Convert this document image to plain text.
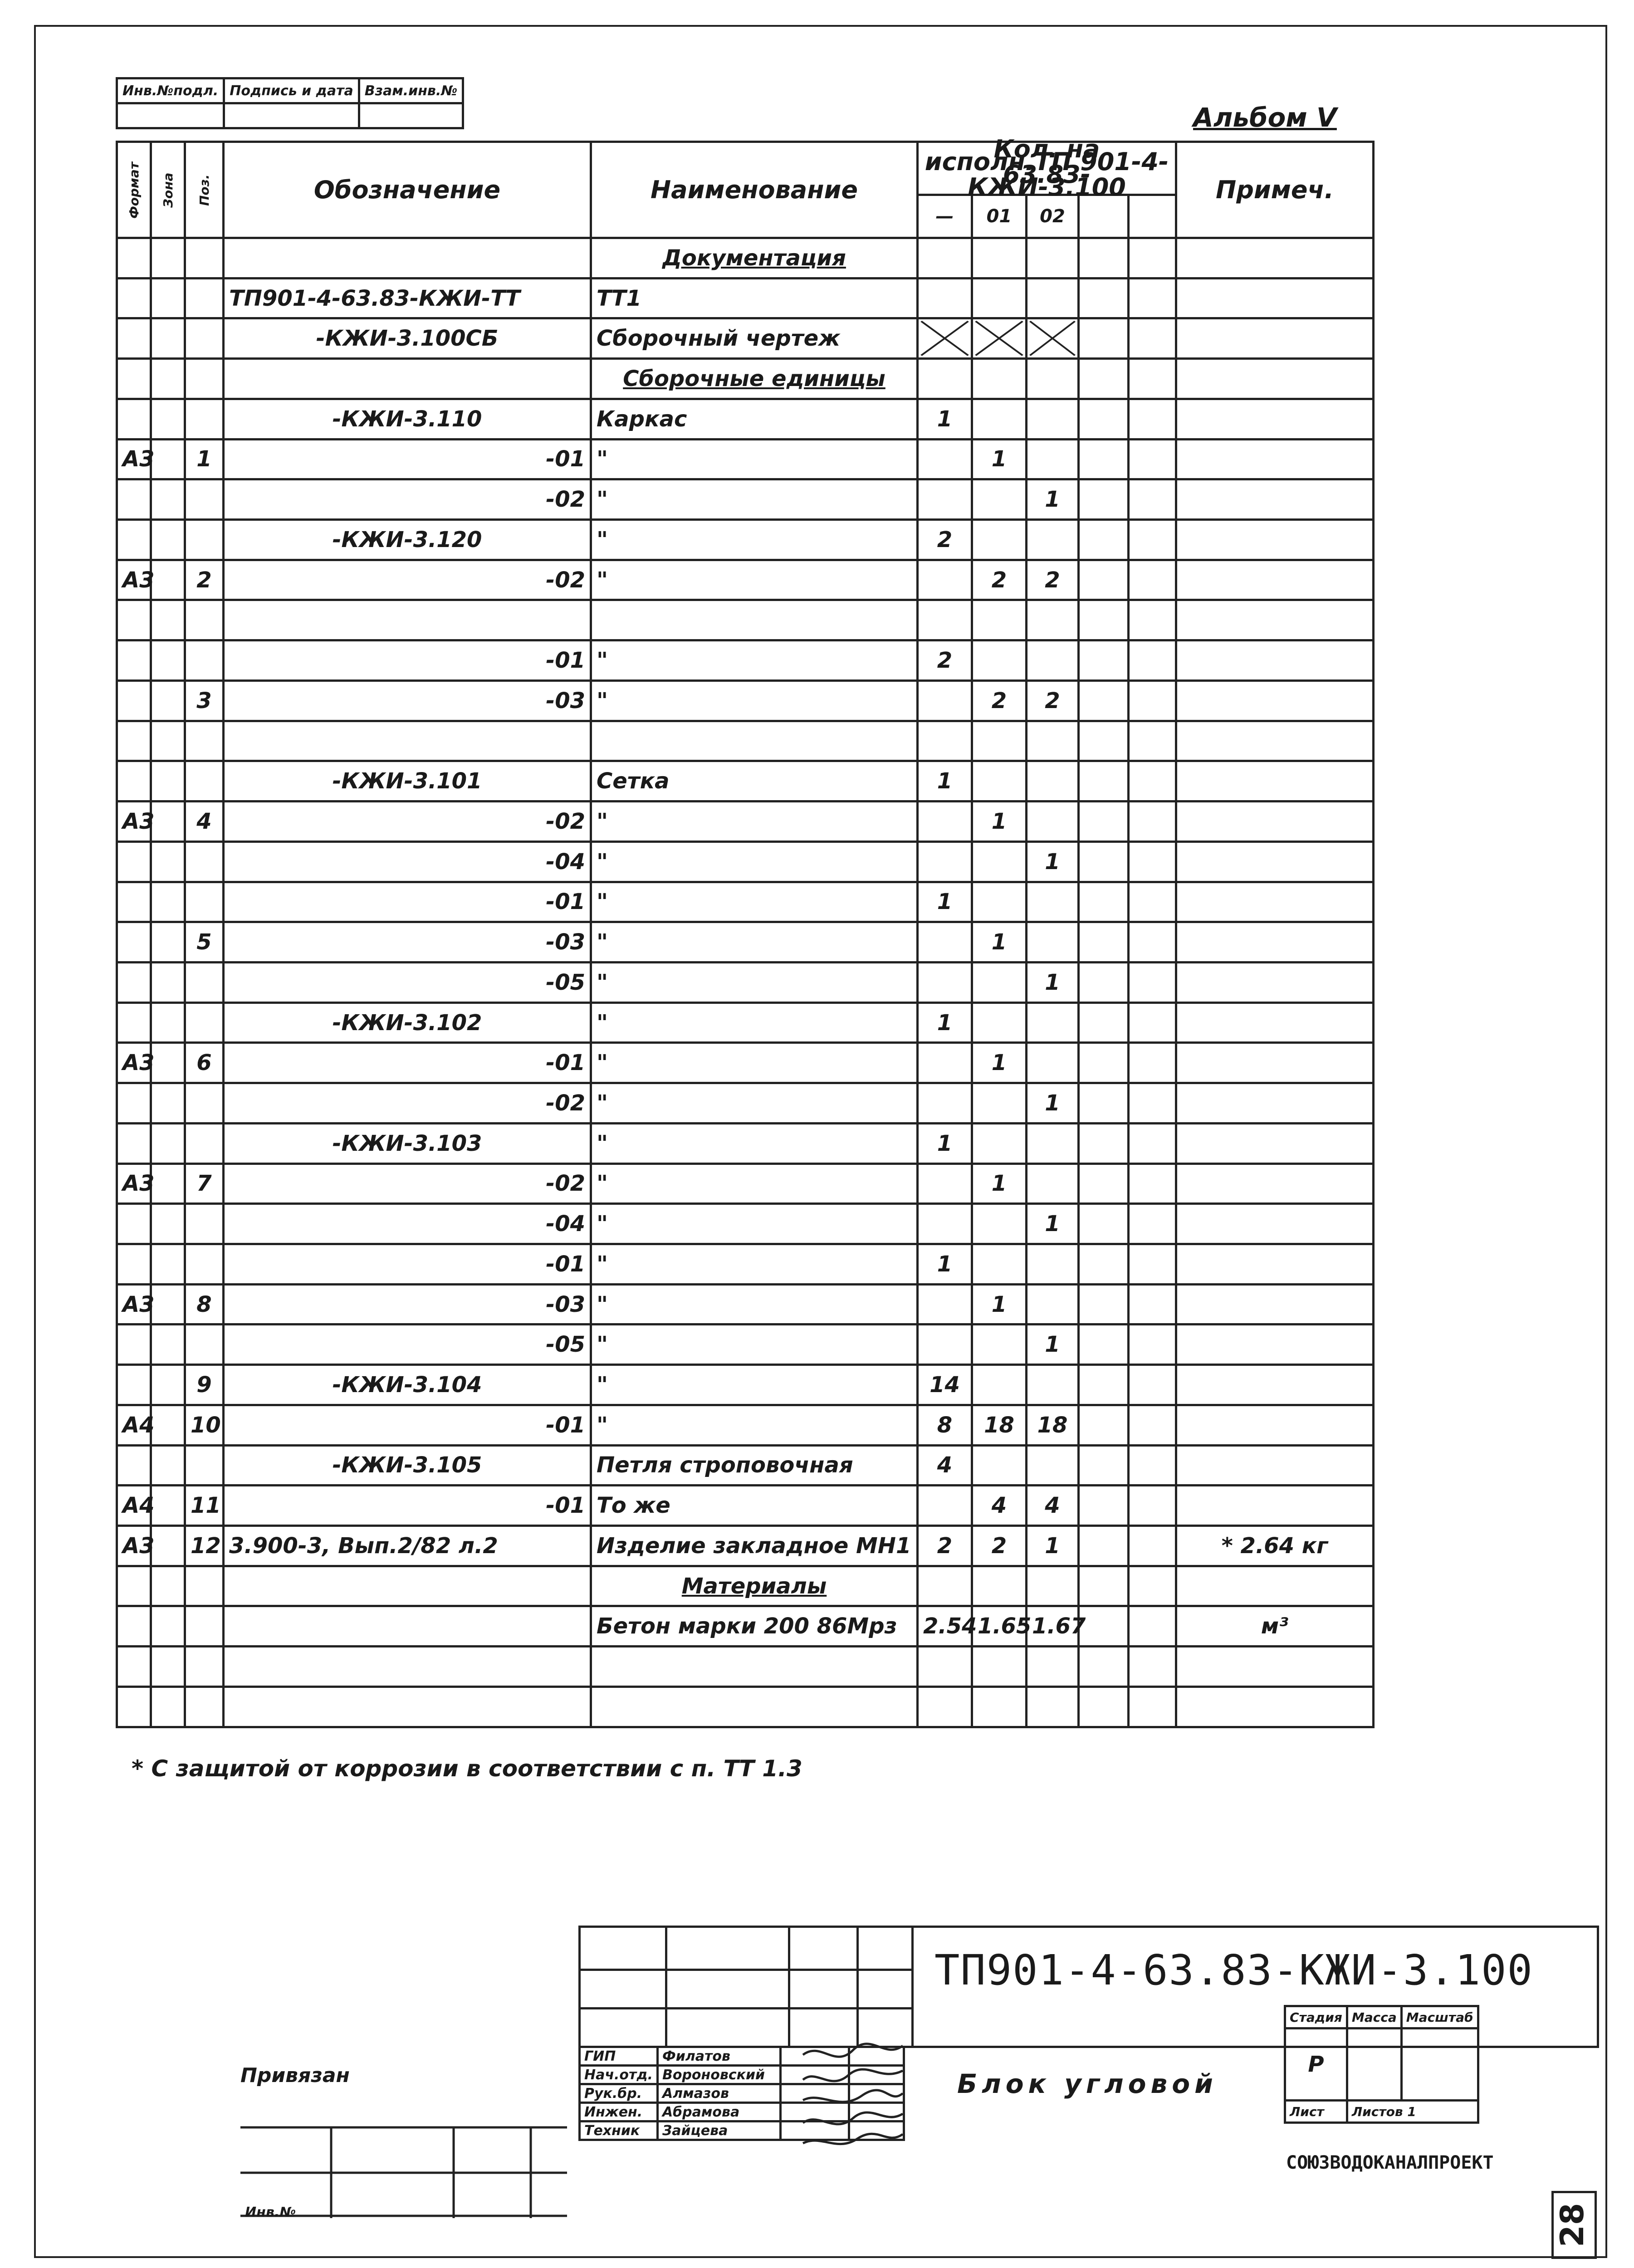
Инв.№подл.	Подпись и дата	Взам.инв.№

Альбом V
Формат	Зона	Поз.	Обозначение	Наименование	Кол. на исполн.ТП 901-4-63.83- КЖИ-3.100					Примеч.
					—	01	02			
				Документация						
			ТП901-4-63.83-КЖИ-ТТ	ТТ1						
			-КЖИ-3.100СБ	Сборочный чертеж	

				Сборочные единицы						
			-КЖИ-3.110	Каркас	1					
А3		1	-01	"		1				
			-02	"			1			
			-КЖИ-3.120	"	2					
А3		2	-02	"		2	2			

			-01	"	2					
		3	-03	"		2	2			

			-КЖИ-3.101	Сетка	1					
А3		4	-02	"		1				
			-04	"			1			
			-01	"	1					
		5	-03	"		1				
			-05	"			1			
			-КЖИ-3.102	"	1					
А3		6	-01	"		1				
			-02	"			1			
			-КЖИ-3.103	"	1					
А3		7	-02	"		1				
			-04	"			1			
			-01	"	1					
А3		8	-03	"		1				
			-05	"			1			
		9	-КЖИ-3.104	"	14					
А4		10	-01	"	8	18	18			
			-КЖИ-3.105	Петля строповочная	4					
А4		11	-01	То же		4	4			
А3		12	3.900-3, Вып.2/82 л.2	Изделие закладное МН1	2	2	1			* 2.64 кг
				Материалы						
				Бетон марки 200 86Мрз	2.54	1.65	1.67			м³

* С защитой от коррозии в соответствии с п. ТТ 1.3

ТП901-4-63.83-КЖИ-3.100
Стадия	Масса	Масштаб
Р		
Лист	Листов 1	
Блок угловой
СОЮЗВОДОКАНАЛПРОЕКТ
ГИП	Филатов		
Нач.отд.	Вороновский		
Рук.бр.	Алмазов		
Инжен.	Абрамова		
Техник	Зайцева		
Привязан
Инв.№	28
